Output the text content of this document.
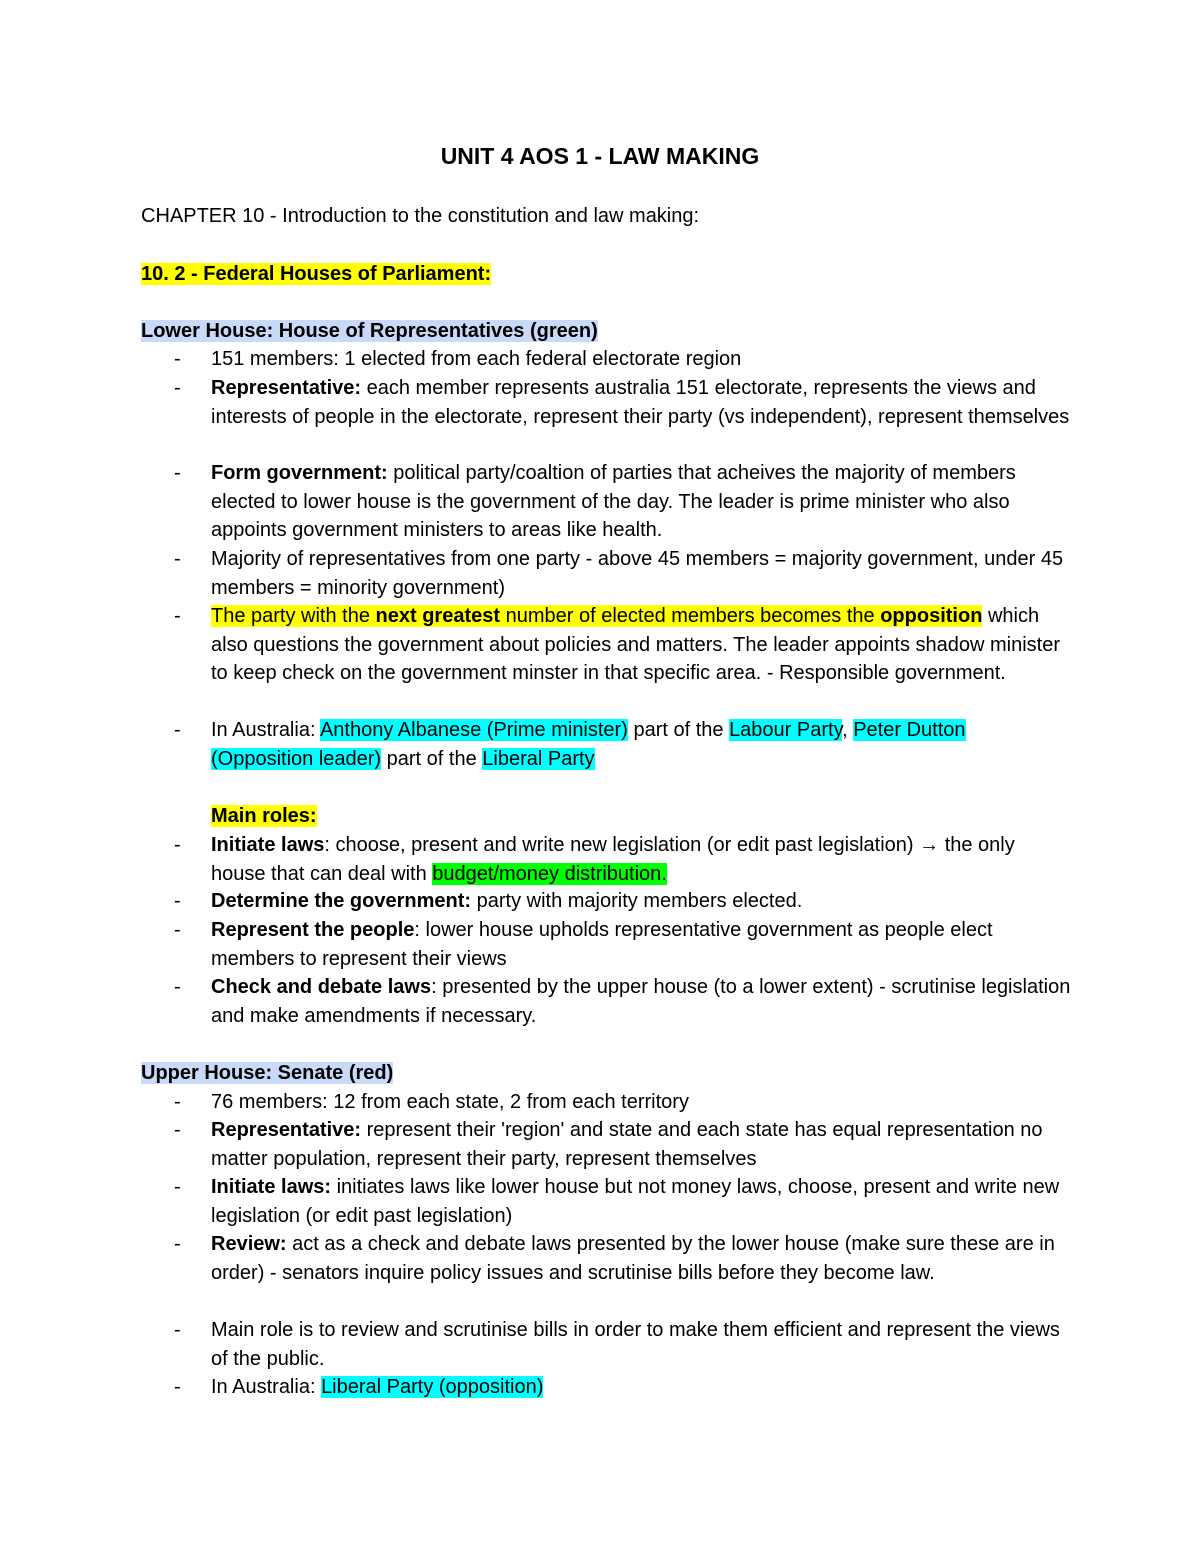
UNIT 4 AOS 1 - LAW MAKING
CHAPTER 10 - Introduction to the constitution and law making:
10. 2 - Federal Houses of Parliament:
Lower House: House of Representatives (green)
- 151 members: 1 elected from each federal electorate region
- Representative: each member represents australia 151 electorate, represents the views and interests of people in the electorate, represent their party (vs independent), represent themselves
- Form government: political party/coaltion of parties that acheives the majority of members elected to lower house is the government of the day. The leader is prime minister who also appoints government ministers to areas like health.
- Majority of representatives from one party - above 45 members = majority government, under 45 members = minority government)
- The party with the next greatest number of elected members becomes the opposition which also questions the government about policies and matters. The leader appoints shadow minister to keep check on the government minster in that specific area. - Responsible government.
- In Australia: Anthony Albanese (Prime minister) part of the Labour Party, Peter Dutton (Opposition leader) part of the Liberal Party
Main roles:
- Initiate laws: choose, present and write new legislation (or edit past legislation) → the only house that can deal with budget/money distribution.
- Determine the government: party with majority members elected.
- Represent the people: lower house upholds representative government as people elect members to represent their views
- Check and debate laws: presented by the upper house (to a lower extent) - scrutinise legislation and make amendments if necessary.
Upper House: Senate (red)
- 76 members: 12 from each state, 2 from each territory
- Representative: represent their 'region' and state and each state has equal representation no matter population, represent their party, represent themselves
- Initiate laws: initiates laws like lower house but not money laws, choose, present and write new legislation (or edit past legislation)
- Review: act as a check and debate laws presented by the lower house (make sure these are in order) - senators inquire policy issues and scrutinise bills before they become law.
- Main role is to review and scrutinise bills in order to make them efficient and represent the views of the public.
- In Australia: Liberal Party (opposition)
